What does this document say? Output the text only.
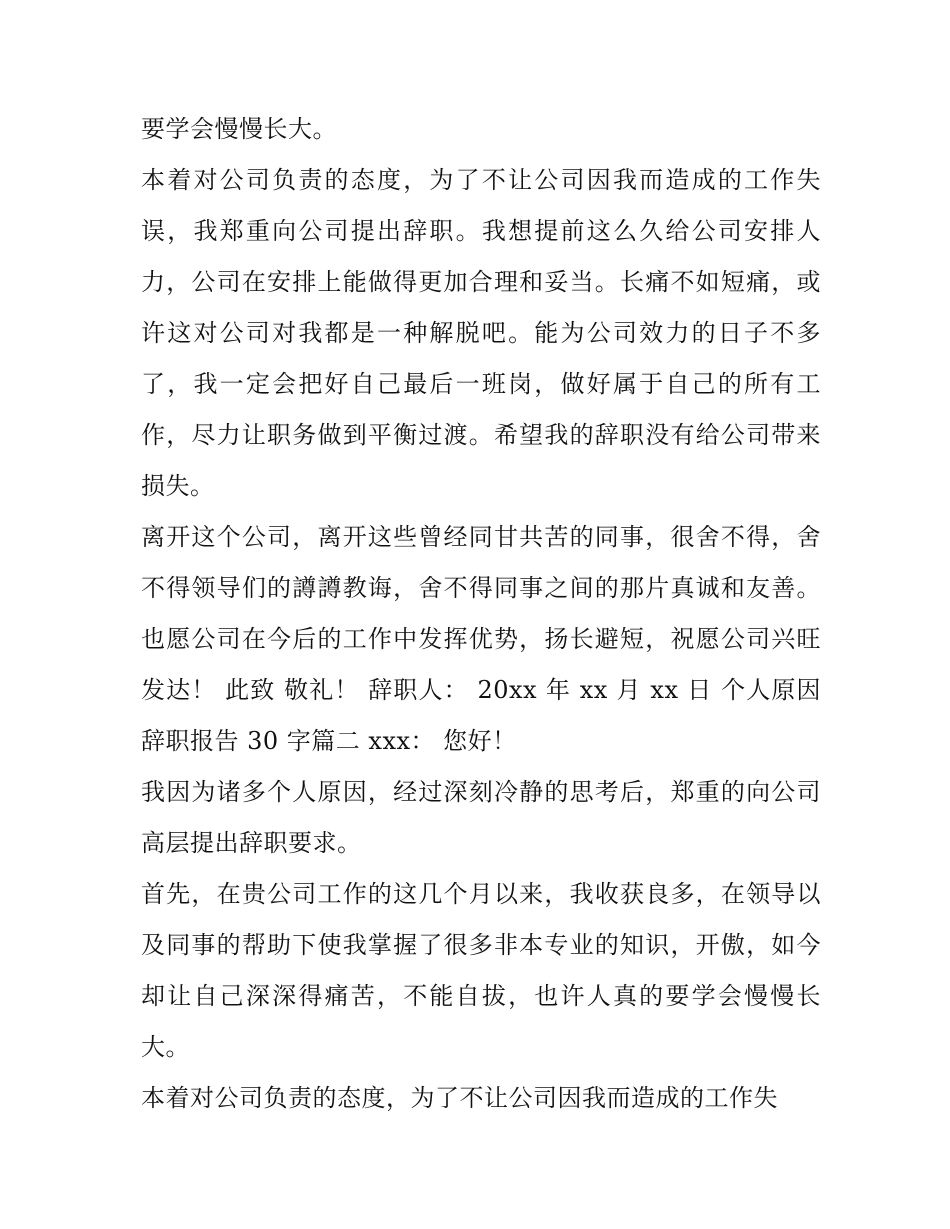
要学会慢慢长大。

本着对公司负责的态度，为了不让公司因我而造成的工作失误，我郑重向公司提出辞职。我想提前这么久给公司安排人力，公司在安排上能做得更加合理和妥当。长痛不如短痛，或许这对公司对我都是一种解脱吧。能为公司效力的日子不多了，我一定会把好自己最后一班岗，做好属于自己的所有工作，尽力让职务做到平衡过渡。希望我的辞职没有给公司带来损失。

离开这个公司，离开这些曾经同甘共苦的同事，很舍不得，舍不得领导们的譐譐教诲，舍不得同事之间的那片真诚和友善。也愿公司在今后的工作中发挥优势，扬长避短，祝愿公司兴旺发达！ 此致 敬礼！ 辞职人： 20xx 年 xx 月 xx 日 个人原因辞职报告 30 字篇二 xxx： 您好！

我因为诸多个人原因，经过深刻冷静的思考后，郑重的向公司高层提出辞职要求。

首先，在贵公司工作的这几个月以来，我收获良多，在领导以及同事的帮助下使我掌握了很多非本专业的知识，开傲，如今却让自己深深得痛苦，不能自拔，也许人真的要学会慢慢长大。

本着对公司负责的态度，为了不让公司因我而造成的工作失
